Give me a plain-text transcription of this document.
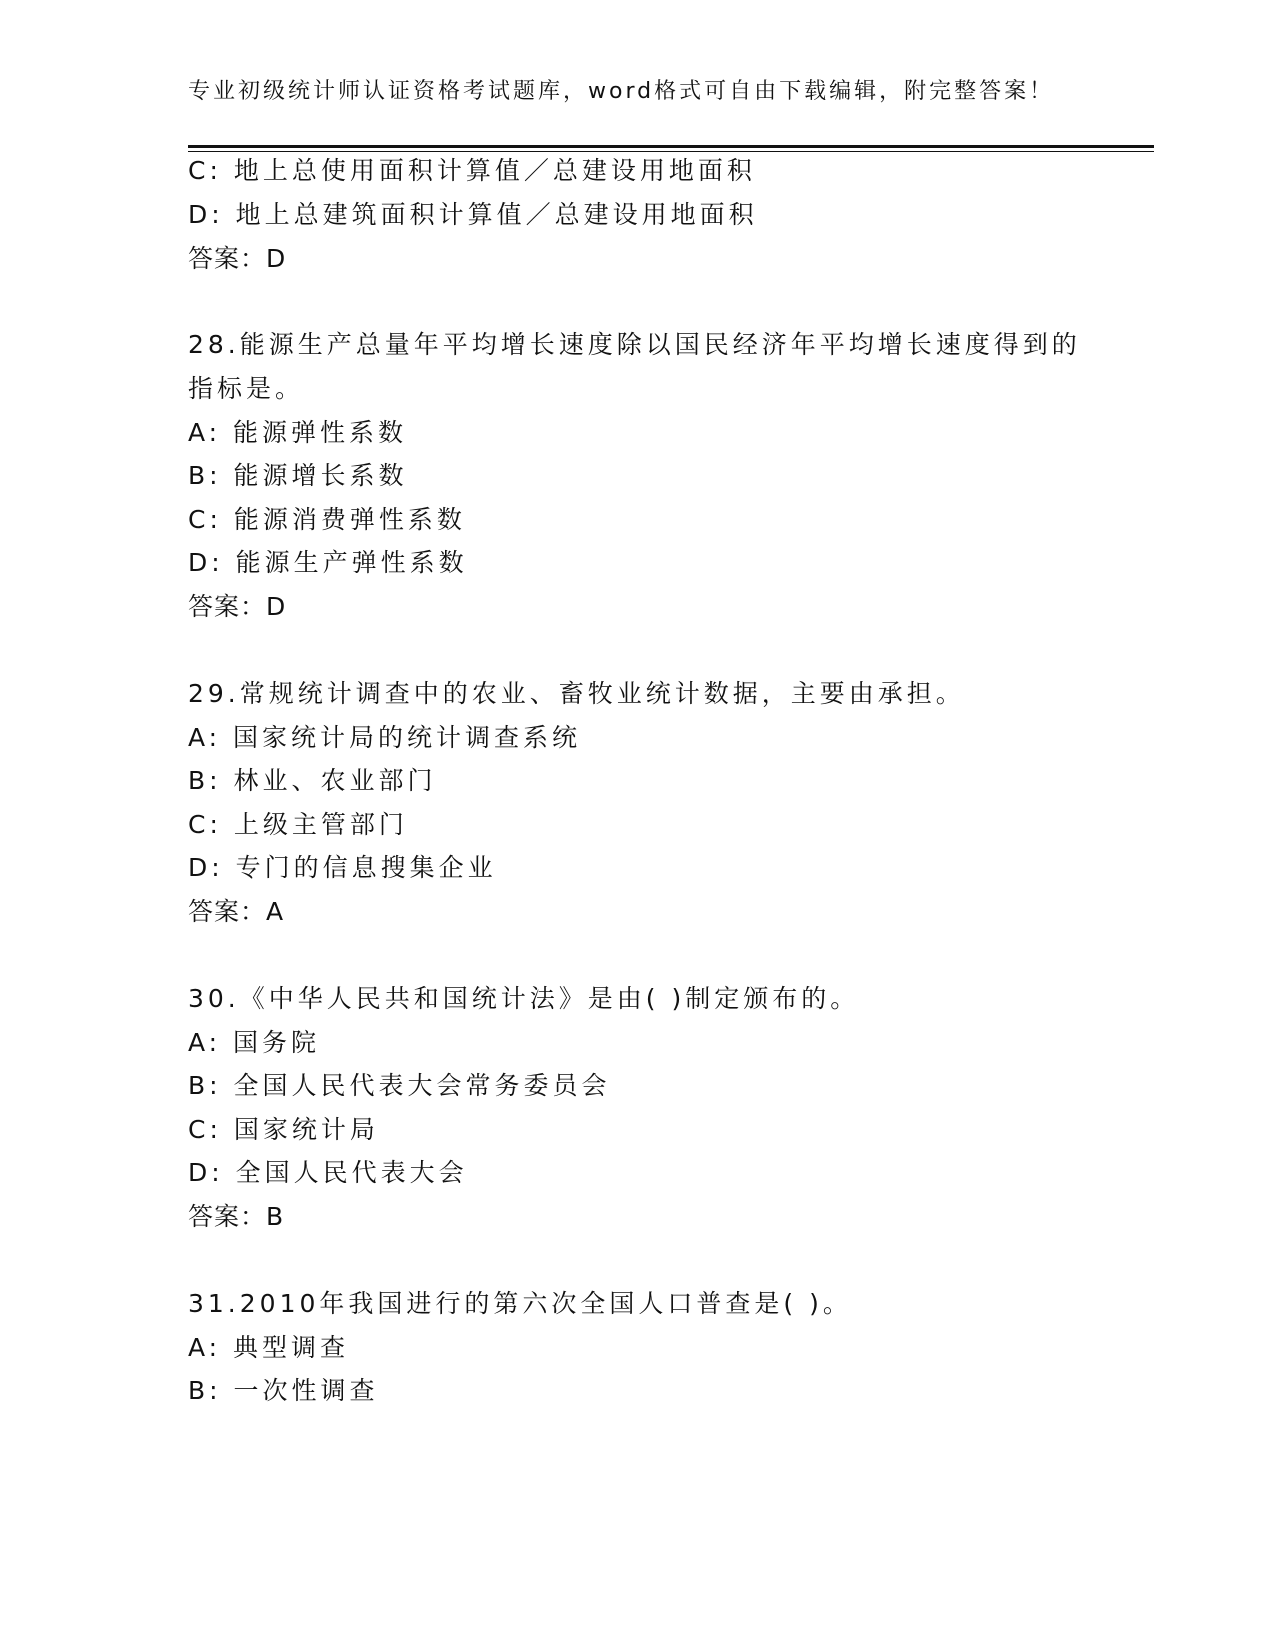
专业初级统计师认证资格考试题库，word格式可自由下载编辑，附完整答案！
C: 地上总使用面积计算值／总建设用地面积
D: 地上总建筑面积计算值／总建设用地面积
答案：D
28.能源生产总量年平均增长速度除以国民经济年平均增长速度得到的
指标是。
A: 能源弹性系数
B: 能源增长系数
C: 能源消费弹性系数
D: 能源生产弹性系数
答案：D
29.常规统计调查中的农业、畜牧业统计数据，主要由承担。
A: 国家统计局的统计调查系统
B: 林业、农业部门
C: 上级主管部门
D: 专门的信息搜集企业
答案：A
30.《中华人民共和国统计法》是由( )制定颁布的。
A: 国务院
B: 全国人民代表大会常务委员会
C: 国家统计局
D: 全国人民代表大会
答案：B
31.2010年我国进行的第六次全国人口普查是( )。
A: 典型调查
B: 一次性调查
